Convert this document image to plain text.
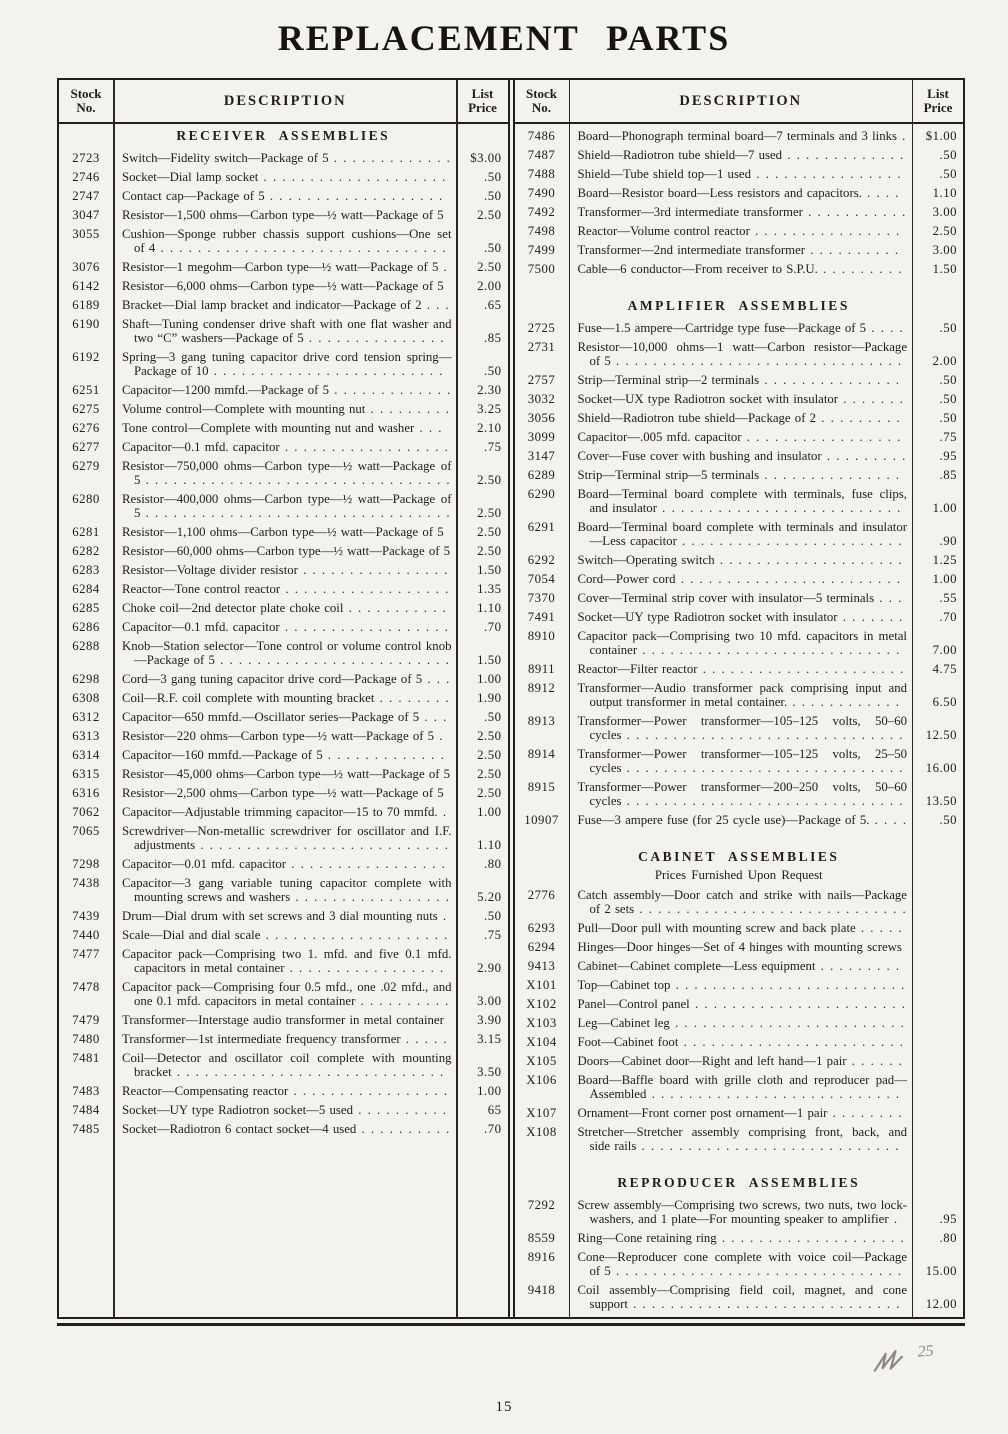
REPLACEMENT PARTS
Stock No.	DESCRIPTION	List Price
RECEIVER ASSEMBLIES
2723	Switch—Fidelity switch—Package of 5 . . . . . . . . . . . . .	$3.00
2746	Socket—Dial lamp socket . . . . . . . . . . . . . . . . . . . .	.50
2747	Contact cap—Package of 5 . . . . . . . . . . . . . . . . . . .	.50
3047	Resistor—1,500 ohms—Carbon type—½ watt—Package of 5	2.50
3055	Cushion—Sponge rubber chassis support cushions—One set of 4 . . . . . . . . . . . . . . . . . . . . . . . . . . . . . . .	.50
3076	Resistor—1 megohm—Carbon type—½ watt—Package of 5 .	2.50
6142	Resistor—6,000 ohms—Carbon type—½ watt—Package of 5	2.00
6189	Bracket—Dial lamp bracket and indicator—Package of 2 . . .	.65
6190	Shaft—Tuning condenser drive shaft with one flat washer and two “C” washers—Package of 5 . . . . . . . . . . . . . . .	.85
6192	Spring—3 gang tuning capacitor drive cord tension spring—Package of 10 . . . . . . . . . . . . . . . . . . . . . . . . .	.50
6251	Capacitor—1200 mmfd.—Package of 5 . . . . . . . . . . . . .	2.30
6275	Volume control—Complete with mounting nut . . . . . . . . .	3.25
6276	Tone control—Complete with mounting nut and washer . . .	2.10
6277	Capacitor—0.1 mfd. capacitor . . . . . . . . . . . . . . . . . .	.75
6279	Resistor—750,000 ohms—Carbon type—½ watt—Package of 5 . . . . . . . . . . . . . . . . . . . . . . . . . . . . . . . . .	2.50
6280	Resistor—400,000 ohms—Carbon type—½ watt—Package of 5 . . . . . . . . . . . . . . . . . . . . . . . . . . . . . . . . .	2.50
6281	Resistor—1,100 ohms—Carbon type—½ watt—Package of 5	2.50
6282	Resistor—60,000 ohms—Carbon type—½ watt—Package of 5	2.50
6283	Resistor—Voltage divider resistor . . . . . . . . . . . . . . . .	1.50
6284	Reactor—Tone control reactor . . . . . . . . . . . . . . . . . .	1.35
6285	Choke coil—2nd detector plate choke coil . . . . . . . . . . .	1.10
6286	Capacitor—0.1 mfd. capacitor . . . . . . . . . . . . . . . . . .	.70
6288	Knob—Station selector—Tone control or volume control knob—Package of 5 . . . . . . . . . . . . . . . . . . . . . . . . .	1.50
6298	Cord—3 gang tuning capacitor drive cord—Package of 5 . . .	1.00
6308	Coil—R.F. coil complete with mounting bracket . . . . . . . .	1.90
6312	Capacitor—650 mmfd.—Oscillator series—Package of 5 . . .	.50
6313	Resistor—220 ohms—Carbon type—½ watt—Package of 5 .	2.50
6314	Capacitor—160 mmfd.—Package of 5 . . . . . . . . . . . . .	2.50
6315	Resistor—45,000 ohms—Carbon type—½ watt—Package of 5	2.50
6316	Resistor—2,500 ohms—Carbon type—½ watt—Package of 5	2.50
7062	Capacitor—Adjustable trimming capacitor—15 to 70 mmfd. .	1.00
7065	Screwdriver—Non-metallic screwdriver for oscillator and I.F. adjustments . . . . . . . . . . . . . . . . . . . . . . . . . . .	1.10
7298	Capacitor—0.01 mfd. capacitor . . . . . . . . . . . . . . . . .	.80
7438	Capacitor—3 gang variable tuning capacitor complete with mounting screws and washers . . . . . . . . . . . . . . . . .	5.20
7439	Drum—Dial drum with set screws and 3 dial mounting nuts .	.50
7440	Scale—Dial and dial scale . . . . . . . . . . . . . . . . . . . .	.75
7477	Capacitor pack—Comprising two 1. mfd. and five 0.1 mfd. capacitors in metal container . . . . . . . . . . . . . . . . .	2.90
7478	Capacitor pack—Comprising four 0.5 mfd., one .02 mfd., and one 0.1 mfd. capacitors in metal container . . . . . . . . . .	3.00
7479	Transformer—Interstage audio transformer in metal container	3.90
7480	Transformer—1st intermediate frequency transformer . . . . .	3.15
7481	Coil—Detector and oscillator coil complete with mounting bracket . . . . . . . . . . . . . . . . . . . . . . . . . . . . .	3.50
7483	Reactor—Compensating reactor . . . . . . . . . . . . . . . . .	1.00
7484	Socket—UY type Radiotron socket—5 used . . . . . . . . . .	65
7485	Socket—Radiotron 6 contact socket—4 used . . . . . . . . . .	.70
Stock No.	DESCRIPTION	List Price
7486	Board—Phonograph terminal board—7 terminals and 3 links .	$1.00
7487	Shield—Radiotron tube shield—7 used . . . . . . . . . . . . .	.50
7488	Shield—Tube shield top—1 used . . . . . . . . . . . . . . . .	.50
7490	Board—Resistor board—Less resistors and capacitors. . . . .	1.10
7492	Transformer—3rd intermediate transformer . . . . . . . . . . .	3.00
7498	Reactor—Volume control reactor . . . . . . . . . . . . . . . .	2.50
7499	Transformer—2nd intermediate transformer . . . . . . . . . .	3.00
7500	Cable—6 conductor—From receiver to S.P.U. . . . . . . . . .	1.50
AMPLIFIER ASSEMBLIES
2725	Fuse—1.5 ampere—Cartridge type fuse—Package of 5 . . . .	.50
2731	Resistor—10,000 ohms—1 watt—Carbon resistor—Package of 5 . . . . . . . . . . . . . . . . . . . . . . . . . . . . . . .	2.00
2757	Strip—Terminal strip—2 terminals . . . . . . . . . . . . . . .	.50
3032	Socket—UX type Radiotron socket with insulator . . . . . . .	.50
3056	Shield—Radiotron tube shield—Package of 2 . . . . . . . . .	.50
3099	Capacitor—.005 mfd. capacitor . . . . . . . . . . . . . . . . .	.75
3147	Cover—Fuse cover with bushing and insulator . . . . . . . . .	.95
6289	Strip—Terminal strip—5 terminals . . . . . . . . . . . . . . .	.85
6290	Board—Terminal board complete with terminals, fuse clips, and insulator . . . . . . . . . . . . . . . . . . . . . . . . . .	1.00
6291	Board—Terminal board complete with terminals and insulator—Less capacitor . . . . . . . . . . . . . . . . . . . . . . . .	.90
6292	Switch—Operating switch . . . . . . . . . . . . . . . . . . . .	1.25
7054	Cord—Power cord . . . . . . . . . . . . . . . . . . . . . . . .	1.00
7370	Cover—Terminal strip cover with insulator—5 terminals . . .	.55
7491	Socket—UY type Radiotron socket with insulator . . . . . . .	.70
8910	Capacitor pack—Comprising two 10 mfd. capacitors in metal container . . . . . . . . . . . . . . . . . . . . . . . . . . . .	7.00
8911	Reactor—Filter reactor . . . . . . . . . . . . . . . . . . . . . .	4.75
8912	Transformer—Audio transformer pack comprising input and output transformer in metal container. . . . . . . . . . . . .	6.50
8913	Transformer—Power transformer—105–125 volts, 50–60 cycles . . . . . . . . . . . . . . . . . . . . . . . . . . . . . .	12.50
8914	Transformer—Power transformer—105–125 volts, 25–50 cycles . . . . . . . . . . . . . . . . . . . . . . . . . . . . . .	16.00
8915	Transformer—Power transformer—200–250 volts, 50–60 cycles . . . . . . . . . . . . . . . . . . . . . . . . . . . . . .	13.50
10907	Fuse—3 ampere fuse (for 25 cycle use)—Package of 5. . . . .	.50
CABINET ASSEMBLIES
Prices Furnished Upon Request
2776	Catch assembly—Door catch and strike with nails—Package of 2 sets . . . . . . . . . . . . . . . . . . . . . . . . . . . . .
6293	Pull—Door pull with mounting screw and back plate . . . . .
6294	Hinges—Door hinges—Set of 4 hinges with mounting screws
9413	Cabinet—Cabinet complete—Less equipment . . . . . . . . .
X101	Top—Cabinet top . . . . . . . . . . . . . . . . . . . . . . . . .
X102	Panel—Control panel . . . . . . . . . . . . . . . . . . . . . . .
X103	Leg—Cabinet leg . . . . . . . . . . . . . . . . . . . . . . . . .
X104	Foot—Cabinet foot . . . . . . . . . . . . . . . . . . . . . . . .
X105	Doors—Cabinet door—Right and left hand—1 pair . . . . . .
X106	Board—Baffle board with grille cloth and reproducer pad—Assembled . . . . . . . . . . . . . . . . . . . . . . . . . . .
X107	Ornament—Front corner post ornament—1 pair . . . . . . . .
X108	Stretcher—Stretcher assembly comprising front, back, and side rails . . . . . . . . . . . . . . . . . . . . . . . . . . . .
REPRODUCER ASSEMBLIES
7292	Screw assembly—Comprising two screws, two nuts, two lock-washers, and 1 plate—For mounting speaker to amplifier .	.95
8559	Ring—Cone retaining ring . . . . . . . . . . . . . . . . . . . .	.80
8916	Cone—Reproducer cone complete with voice coil—Package of 5 . . . . . . . . . . . . . . . . . . . . . . . . . . . . . . .	15.00
9418	Coil assembly—Comprising field coil, magnet, and cone support . . . . . . . . . . . . . . . . . . . . . . . . . . . . .	12.00
25
15
